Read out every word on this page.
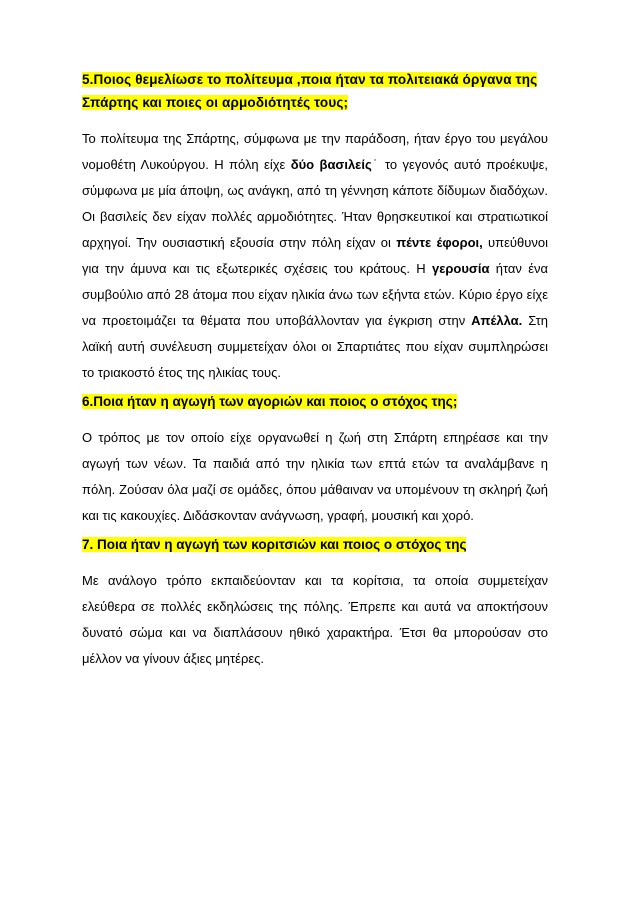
5.Ποιος θεμελίωσε το πολίτευμα ,ποια ήταν τα πολιτειακά όργανα της Σπάρτης και ποιες οι αρμοδιότητές τους;

Το πολίτευμα της Σπάρτης, σύμφωνα με την παράδοση, ήταν έργο του μεγάλου νομοθέτη Λυκούργου. Η πόλη είχε δύο βασιλείς˙ το γεγονός αυτό προέκυψε, σύμφωνα με μία άποψη, ως ανάγκη, από τη γέννηση κάποτε δίδυμων διαδόχων. Οι βασιλείς δεν είχαν πολλές αρμοδιότητες. Ήταν θρησκευτικοί και στρατιωτικοί αρχηγοί. Την ουσιαστική εξουσία στην πόλη είχαν οι πέντε έφοροι, υπεύθυνοι για την άμυνα και τις εξωτερικές σχέσεις του κράτους. Η γερουσία ήταν ένα συμβούλιο από 28 άτομα που είχαν ηλικία άνω των εξήντα ετών. Κύριο έργο είχε να προετοιμάζει τα θέματα που υποβάλλονταν για έγκριση στην Απέλλα. Στη λαϊκή αυτή συνέλευση συμμετείχαν όλοι οι Σπαρτιάτες που είχαν συμπληρώσει το τριακοστό έτος της ηλικίας τους.

6.Ποια ήταν η αγωγή των αγοριών και ποιος ο στόχος της;

Ο τρόπος με τον οποίο είχε οργανωθεί η ζωή στη Σπάρτη επηρέασε και την αγωγή των νέων. Τα παιδιά από την ηλικία των επτά ετών τα αναλάμβανε η πόλη. Ζούσαν όλα μαζί σε ομάδες, όπου μάθαιναν να υπομένουν τη σκληρή ζωή και τις κακουχίες. Διδάσκονταν ανάγνωση, γραφή, μουσική και χορό.

7. Ποια ήταν η αγωγή των κοριτσιών και ποιος ο στόχος της

Με ανάλογο τρόπο εκπαιδεύονταν και τα κορίτσια, τα οποία συμμετείχαν ελεύθερα σε πολλές εκδηλώσεις της πόλης. Έπρεπε και αυτά να αποκτήσουν δυνατό σώμα και να διαπλάσουν ηθικό χαρακτήρα. Έτσι θα μπορούσαν στο μέλλον να γίνουν άξιες μητέρες.
